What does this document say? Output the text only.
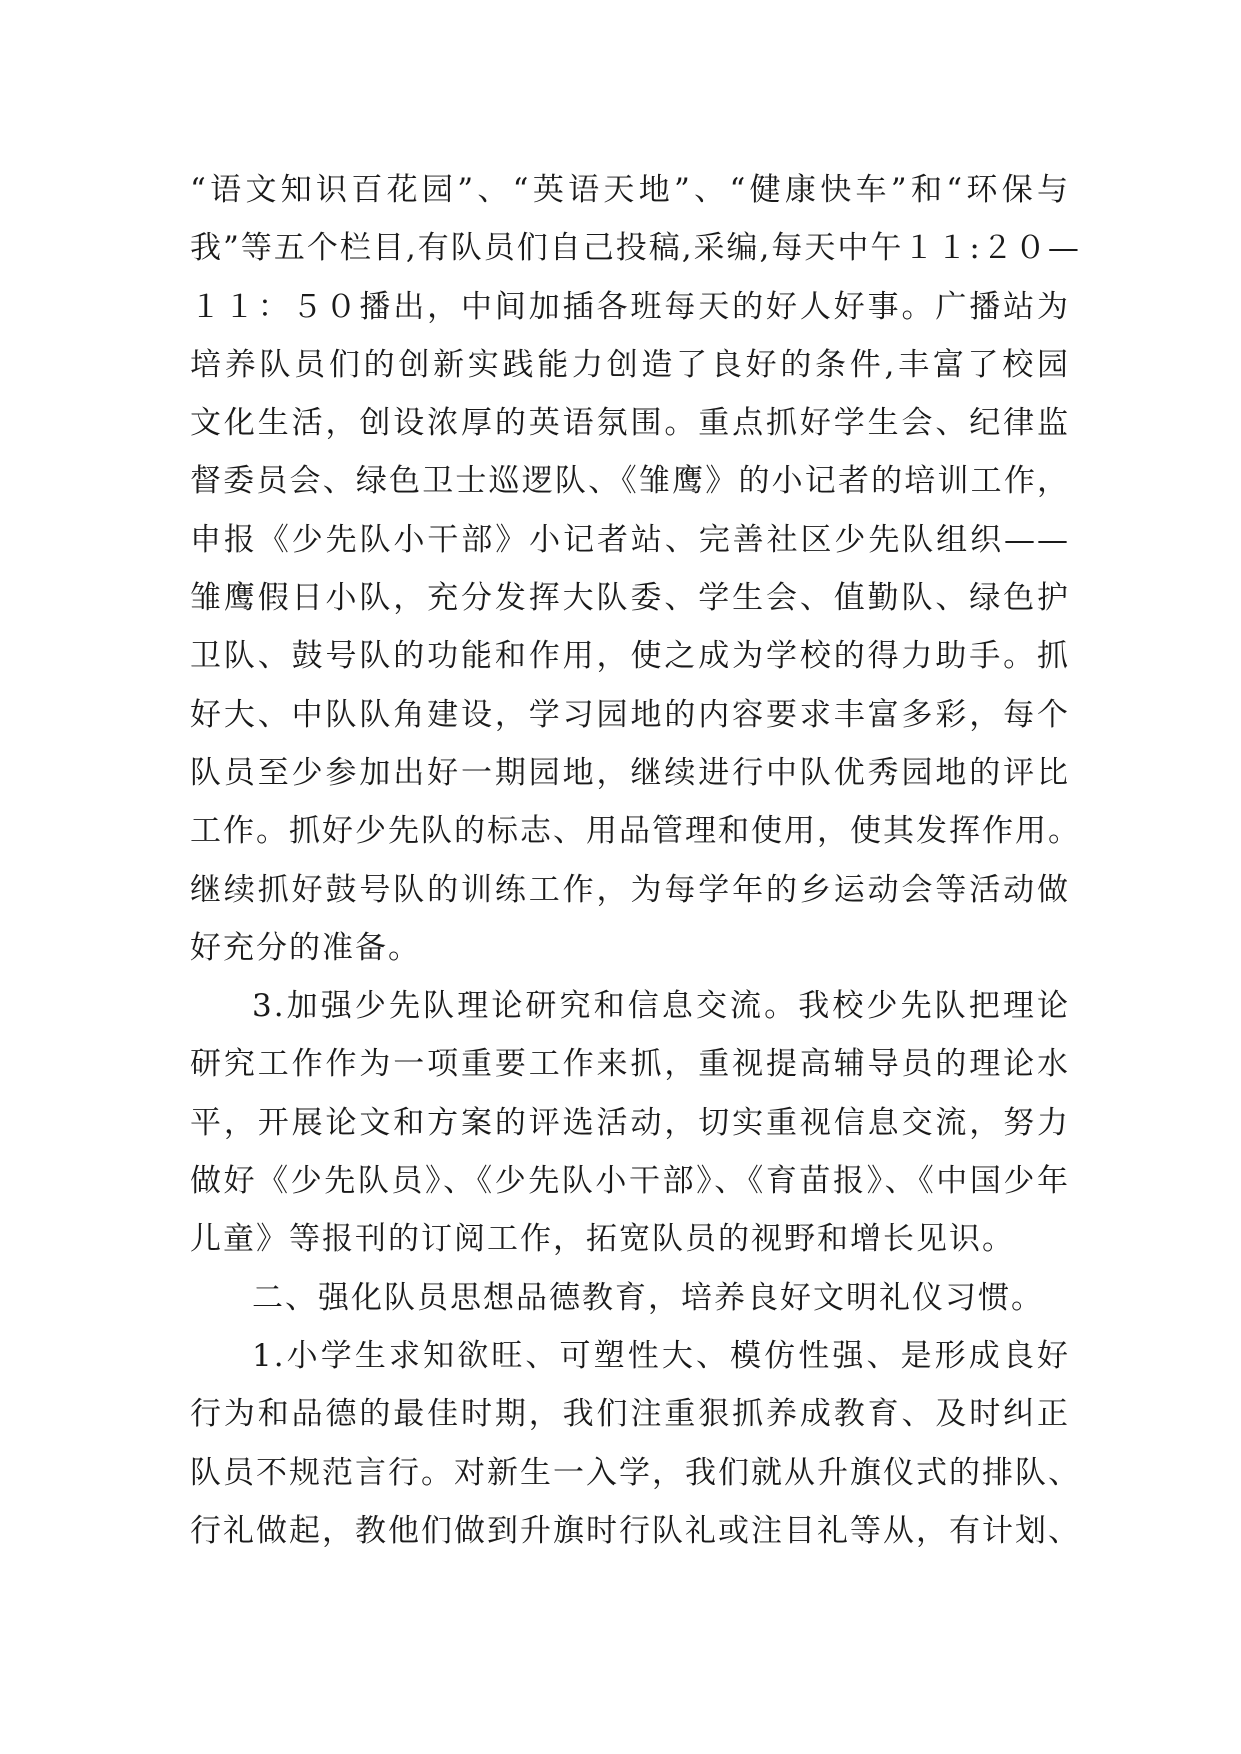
“语文知识百花园”、“英语天地”、“健康快车”和“环保与
我”等五个栏目,有队员们自己投稿,采编,每天中午１１:２０—
１１：５０播出，中间加插各班每天的好人好事。广播站为
培养队员们的创新实践能力创造了良好的条件,丰富了校园
文化生活，创设浓厚的英语氛围。重点抓好学生会、纪律监
督委员会、绿色卫士巡逻队、《雏鹰》的小记者的培训工作，
申报《少先队小干部》小记者站、完善社区少先队组织——
雏鹰假日小队，充分发挥大队委、学生会、值勤队、绿色护
卫队、鼓号队的功能和作用，使之成为学校的得力助手。抓
好大、中队队角建设，学习园地的内容要求丰富多彩，每个
队员至少参加出好一期园地，继续进行中队优秀园地的评比
工作。抓好少先队的标志、用品管理和使用，使其发挥作用。
继续抓好鼓号队的训练工作，为每学年的乡运动会等活动做
好充分的准备。
3.加强少先队理论研究和信息交流。我校少先队把理论
研究工作作为一项重要工作来抓，重视提高辅导员的理论水
平，开展论文和方案的评选活动，切实重视信息交流，努力
做好《少先队员》、《少先队小干部》、《育苗报》、《中国少年
儿童》等报刊的订阅工作，拓宽队员的视野和增长见识。
二、强化队员思想品德教育，培养良好文明礼仪习惯。
1.小学生求知欲旺、可塑性大、模仿性强、是形成良好
行为和品德的最佳时期，我们注重狠抓养成教育、及时纠正
队员不规范言行。对新生一入学，我们就从升旗仪式的排队、
行礼做起，教他们做到升旗时行队礼或注目礼等从，有计划、
